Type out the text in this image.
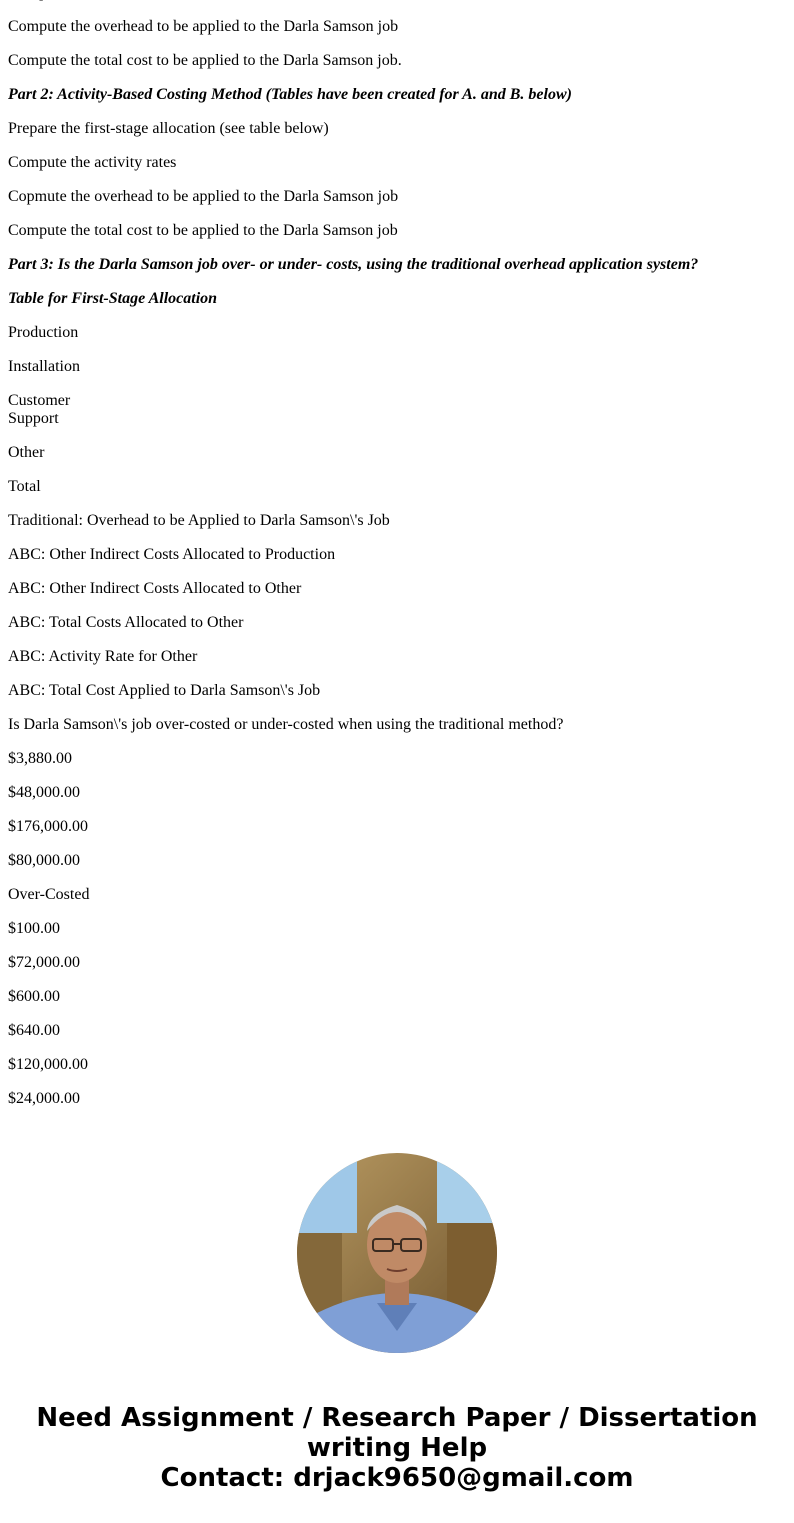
Compute the overhead to be applied to the Darla Samson job

Compute the total cost to be applied to the Darla Samson job.

Part 2: Activity-Based Costing Method (Tables have been created for A. and B. below)

Prepare the first-stage allocation (see table below)

Compute the activity rates

Copmute the overhead to be applied to the Darla Samson job

Compute the total cost to be applied to the Darla Samson job

Part 3: Is the Darla Samson job over- or under- costs, using the traditional overhead application system?

Table for First-Stage Allocation

Production

Installation

Customer
Support

Other

Total

Traditional: Overhead to be Applied to Darla Samson\'s Job

ABC: Other Indirect Costs Allocated to Production

ABC: Other Indirect Costs Allocated to Other

ABC: Total Costs Allocated to Other

ABC: Activity Rate for Other

ABC: Total Cost Applied to Darla Samson\'s Job

Is Darla Samson\'s job over-costed or under-costed when using the traditional method?

$3,880.00

$48,000.00

$176,000.00

$80,000.00

Over-Costed

$100.00

$72,000.00

$600.00

$640.00

$120,000.00

$24,000.00

Need Assignment / Research Paper / Dissertation
writing Help
Contact: drjack9650@gmail.com
